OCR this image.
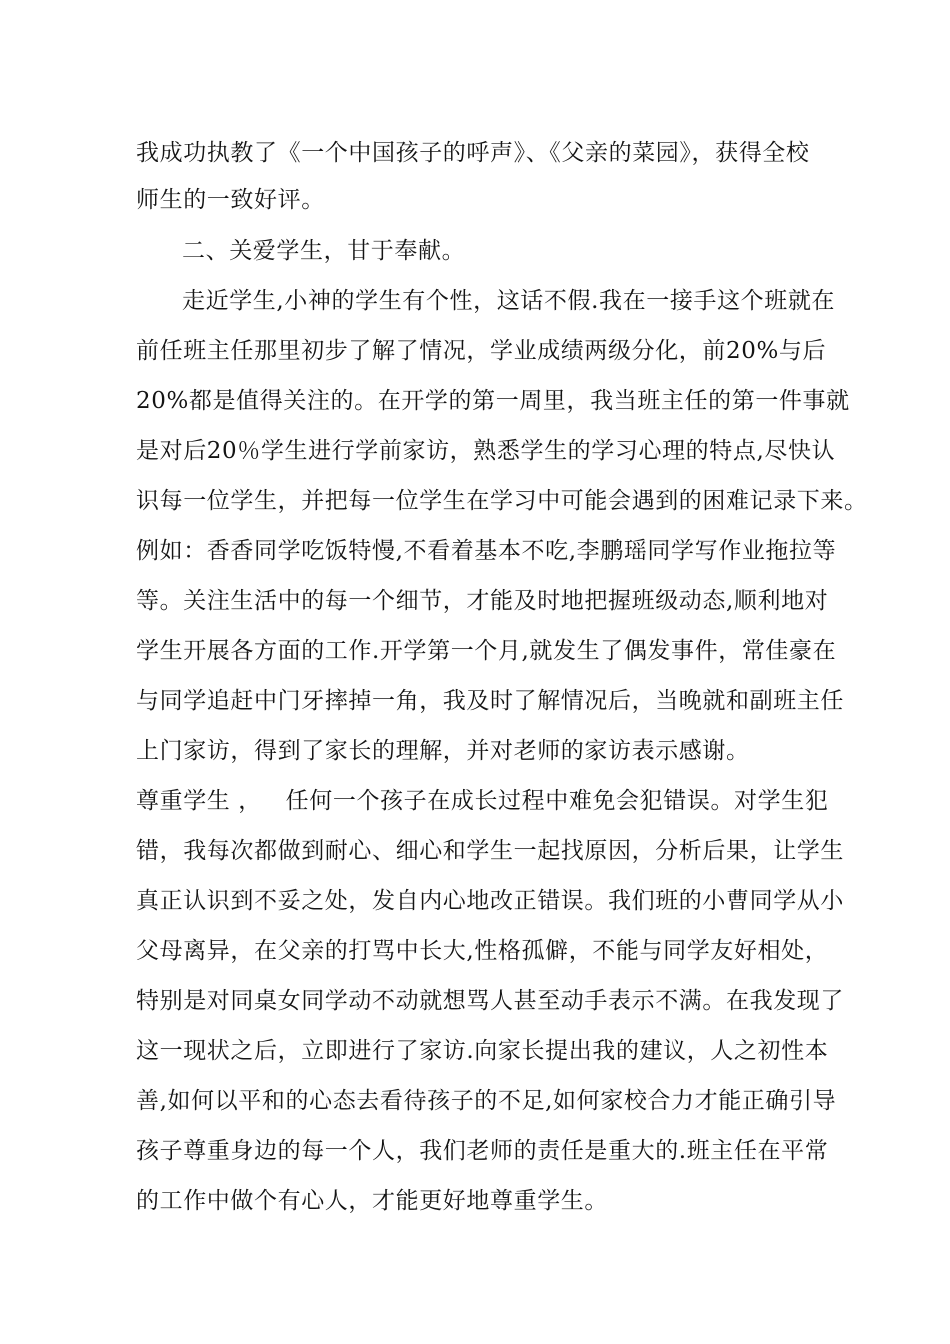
我成功执教了《一个中国孩子的呼声》、《父亲的菜园》，获得全校
师生的一致好评。
二、关爱学生，甘于奉献。
走近学生,小神的学生有个性，这话不假.我在一接手这个班就在
前任班主任那里初步了解了情况，学业成绩两级分化，前20%与后
20%都是值得关注的。在开学的第一周里，我当班主任的第一件事就
是对后20％学生进行学前家访，熟悉学生的学习心理的特点,尽快认
识每一位学生，并把每一位学生在学习中可能会遇到的困难记录下来。
例如：香香同学吃饭特慢,不看着基本不吃,李鹏瑶同学写作业拖拉等
等。关注生活中的每一个细节，才能及时地把握班级动态,顺利地对
学生开展各方面的工作.开学第一个月,就发生了偶发事件，常佳豪在
与同学追赶中门牙摔掉一角，我及时了解情况后，当晚就和副班主任
上门家访，得到了家长的理解，并对老师的家访表示感谢。
尊重学生 ，   任何一个孩子在成长过程中难免会犯错误。对学生犯
错，我每次都做到耐心、细心和学生一起找原因，分析后果，让学生
真正认识到不妥之处，发自内心地改正错误。我们班的小曹同学从小
父母离异，在父亲的打骂中长大,性格孤僻，不能与同学友好相处，
特别是对同桌女同学动不动就想骂人甚至动手表示不满。在我发现了
这一现状之后，立即进行了家访.向家长提出我的建议，人之初性本
善,如何以平和的心态去看待孩子的不足,如何家校合力才能正确引导
孩子尊重身边的每一个人，我们老师的责任是重大的.班主任在平常
的工作中做个有心人，才能更好地尊重学生。
